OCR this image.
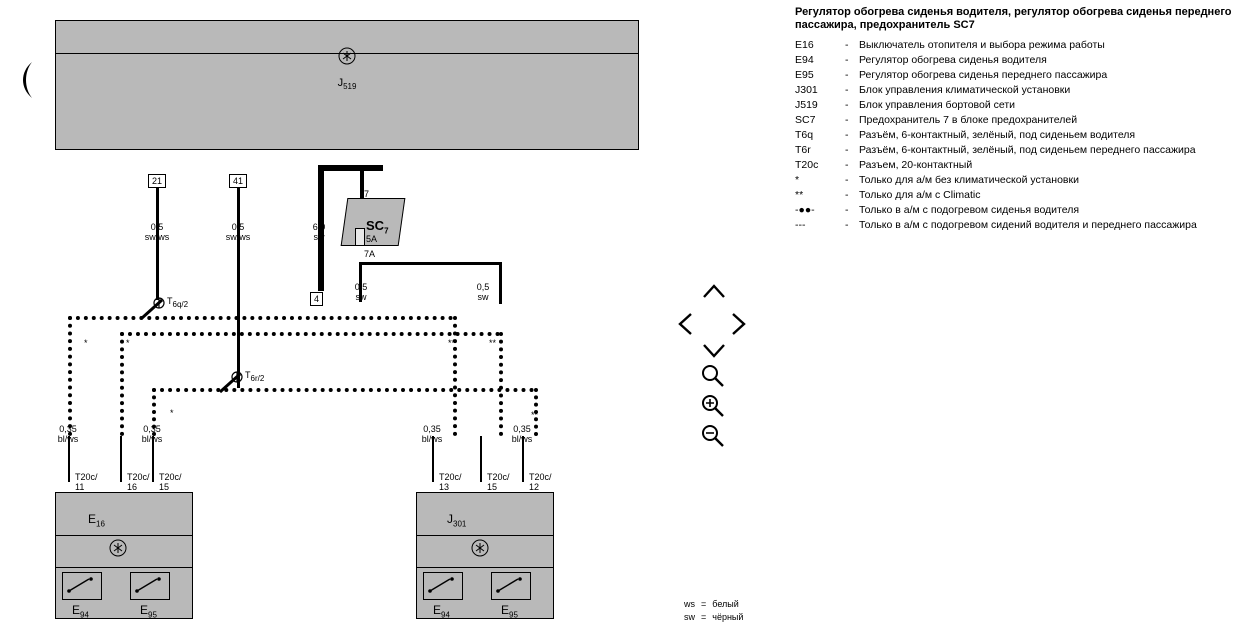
$J_{519}$
21	41
4
$SC_7$
5A
7
7A
0,5
sw/ws
0,5
sw/ws
6,0
sw
0,5
sw
0,5
sw
T6q/2
T6r/2
*	*
*
**	**
**
0,35
bl/ws
0,35
bl/ws
0,35
bl/ws
0,35
bl/ws
T20c/
11
T20c/
16
T20c/
15
T20c/
13
T20c/
15
T20c/
12
$E_{16}$
$E_{94}$	$E_{95}$
$J_{301}$
$E_{94}$	$E_{95}$
Регулятор обогрева сиденья водителя, регулятор обогрева сиденья переднего пассажира, предохранитель SC7
E16	-	Выключатель отопителя и выбора режима работы
E94	-	Регулятор обогрева сиденья водителя
E95	-	Регулятор обогрева сиденья переднего пассажира
J301	-	Блок управления климатической установки
J519	-	Блок управления бортовой сети
SC7	-	Предохранитель 7 в блоке предохранителей
T6q	-	Разъём, 6-контактный, зелёный, под сиденьем водителя
T6r	-	Разъём, 6-контактный, зелёный, под сиденьем переднего пассажира
T20c	-	Разъем, 20-контактный
*	-	Только для а/м без климатической установки
**	-	Только для а/м с Climatic
-●●-	-	Только в а/м с подогревом сиденья водителя
---	-	Только в а/м с подогревом сидений водителя и переднего пассажира
ws	=	белый
sw	=	чёрный
